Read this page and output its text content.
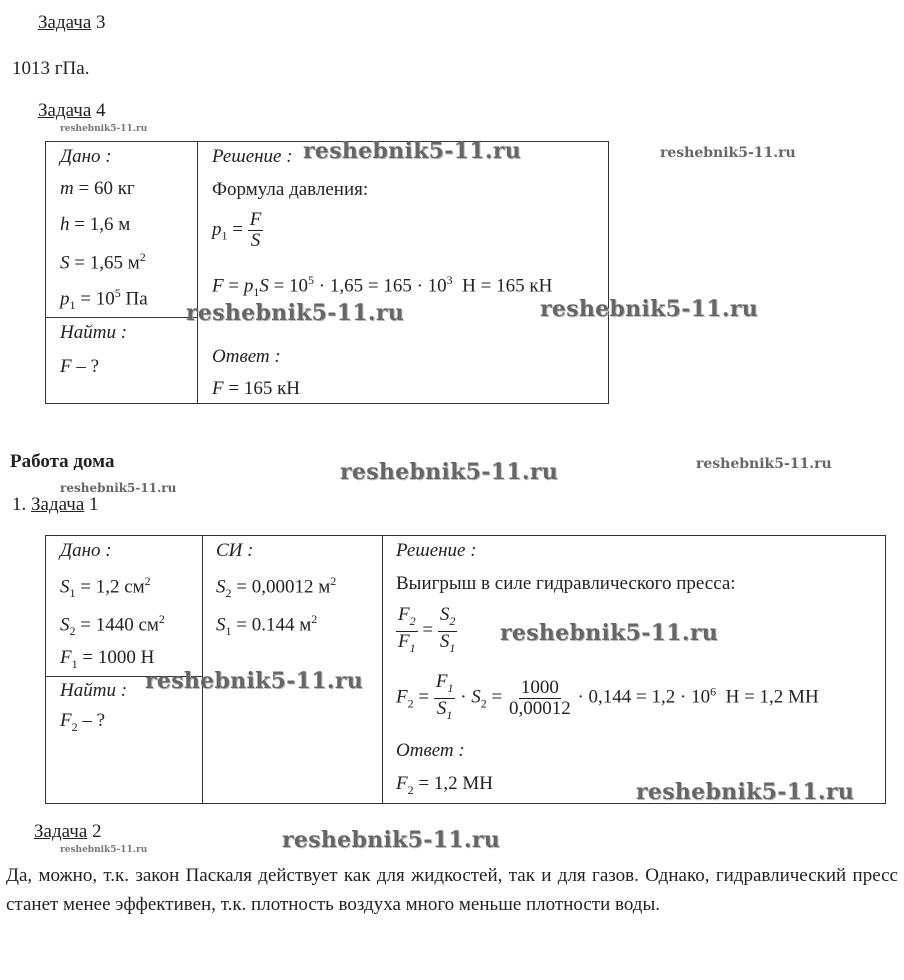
Задача 3
1013 гПа.
Задача 4
reshebnik5-11.ru
Дано :
m = 60 кг
h = 1,6 м
S = 1,65 $м^2$
$p_1 = 10^5$ Па
Найти :
F – ?
Решение :
Формула давления:
$p_1 = \frac{F}{S}$
$F = p_1S = 10^5 \cdot 1,65 = 165 \cdot 10^3$  Н = 165 кН
Ответ :
F = 165 кН
reshebnik5-11.ru	reshebnik5-11.ru
reshebnik5-11.ru	reshebnik5-11.ru
Работа дома	reshebnik5-11.ru	reshebnik5-11.ru
reshebnik5-11.ru
1. Задача 1
Дано :
$S_1 = 1,2$ $см^2$
$S_2 = 1440$ $см^2$
$F_1 = 1000$ Н
Найти :
$F_2$ – ?
СИ :
$S_2 = 0,00012$ $м^2$
$S_1 = 0.144$ $м^2$
Решение :
Выигрыш в силе гидравлического пресса:
$\frac{F_2}{F_1} = \frac{S_2}{S_1}$
$F_2 = \frac{F_1}{S_1} \cdot S_2 = \frac{1000}{0,00012} \cdot 0,144 = 1,2 \cdot 10^6$  Н = 1,2 МН
Ответ :
$F_2 = 1,2$ МН
reshebnik5-11.ru
reshebnik5-11.ru
reshebnik5-11.ru
Задача 2
reshebnik5-11.ru	reshebnik5-11.ru
Да, можно, т.к. закон Паскаля действует как для жидкостей, так и для газов. Однако, гидравлический пресс станет менее эффективен, т.к. плотность воздуха много меньше плотности воды.
